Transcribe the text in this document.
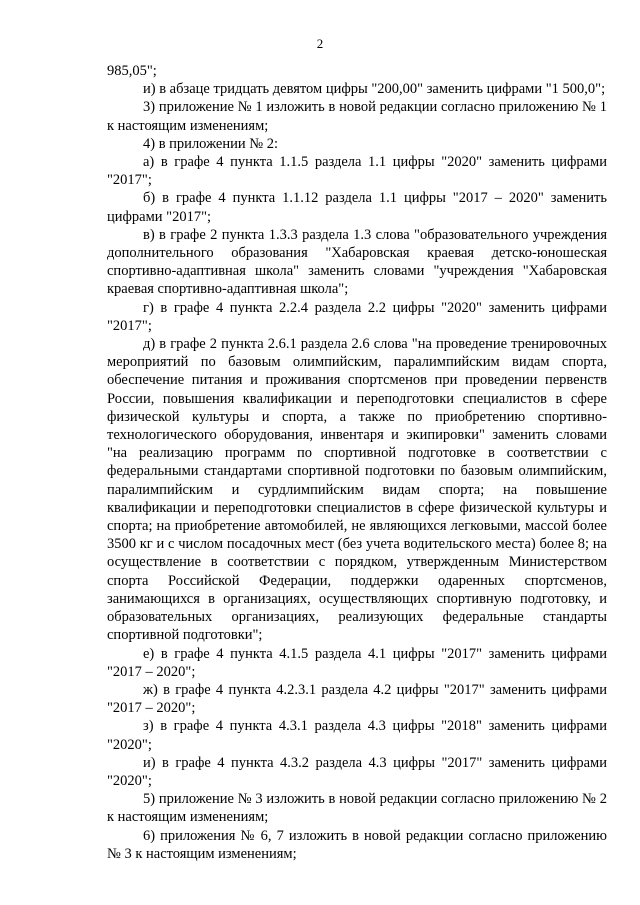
2

985,05";

и) в абзаце тридцать девятом цифры "200,00" заменить цифрами "1 500,0";

3) приложение № 1 изложить в новой редакции согласно приложению № 1 к настоящим изменениям;

4) в приложении № 2:

а) в графе 4 пункта 1.1.5 раздела 1.1 цифры "2020" заменить цифрами "2017";

б) в графе 4 пункта 1.1.12 раздела 1.1 цифры "2017 – 2020" заменить цифрами "2017";

в) в графе 2 пункта 1.3.3 раздела 1.3 слова "образовательного учреждения дополнительного образования "Хабаровская краевая детско-юношеская спортивно-адаптивная школа" заменить словами "учреждения "Хабаровская краевая спортивно-адаптивная школа";

г) в графе 4 пункта 2.2.4 раздела 2.2 цифры "2020" заменить цифрами "2017";

д) в графе 2 пункта 2.6.1 раздела 2.6 слова "на проведение тренировочных мероприятий по базовым олимпийским, паралимпийским видам спорта, обеспечение питания и проживания спортсменов при проведении первенств России, повышения квалификации и переподготовки специалистов в сфере физической культуры и спорта, а также по приобретению спортивно-технологического оборудования, инвентаря и экипировки" заменить словами "на реализацию программ по спортивной подготовке в соответствии с федеральными стандартами спортивной подготовки по базовым олимпийским, паралимпийским и сурдлимпийским видам спорта; на повышение квалификации и переподготовки специалистов в сфере физической культуры и спорта; на приобретение автомобилей, не являющихся легковыми, массой более 3500 кг и с числом посадочных мест (без учета водительского места) более 8; на осуществление в соответствии с порядком, утвержденным Министерством спорта Российской Федерации, поддержки одаренных спортсменов, занимающихся в организациях, осуществляющих спортивную подготовку, и образовательных организациях, реализующих федеральные стандарты спортивной подготовки";

е) в графе 4 пункта 4.1.5 раздела 4.1 цифры "2017" заменить цифрами "2017 – 2020";

ж) в графе 4 пункта 4.2.3.1 раздела 4.2 цифры "2017" заменить цифрами "2017 – 2020";

з) в графе 4 пункта 4.3.1 раздела 4.3 цифры "2018" заменить цифрами "2020";

и) в графе 4 пункта 4.3.2 раздела 4.3 цифры "2017" заменить цифрами "2020";

5) приложение № 3 изложить в новой редакции согласно приложению № 2 к настоящим изменениям;

6) приложения № 6, 7 изложить в новой редакции согласно приложению № 3 к настоящим изменениям;
